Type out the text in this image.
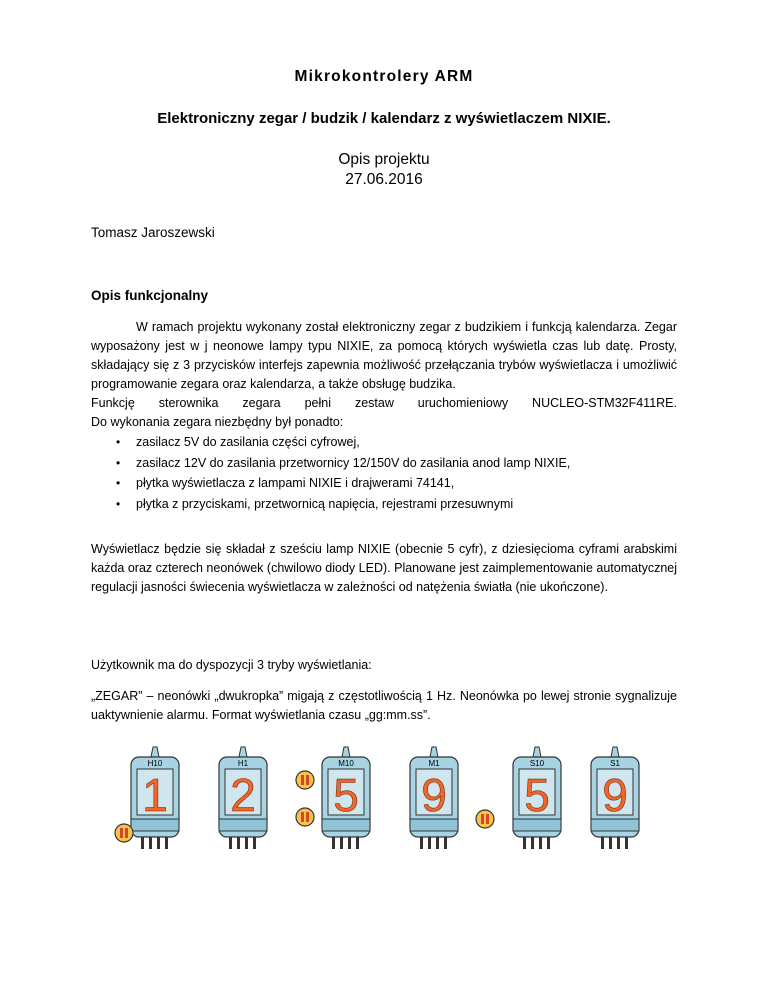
Mikrokontrolery ARM
Elektroniczny zegar / budzik / kalendarz z wyświetlaczem NIXIE.
Opis projektu
27.06.2016
Tomasz Jaroszewski
Opis funkcjonalny
W ramach projektu wykonany został elektroniczny zegar z budzikiem i funkcją kalendarza. Zegar wyposażony jest w j neonowe lampy typu NIXIE, za pomocą których wyświetla czas lub datę. Prosty, składający się z 3 przycisków interfejs zapewnia możliwość przełączania trybów wyświetlacza i umożliwić programowanie zegara oraz kalendarza, a także obsługę budzika.
Funkcję sterownika zegara pełni zestaw uruchomieniowy NUCLEO-STM32F411RE.
Do wykonania zegara niezbędny był ponadto:
• zasilacz 5V do zasilania części cyfrowej,
• zasilacz 12V do zasilania przetwornicy 12/150V do zasilania anod lamp NIXIE,
• płytka wyświetlacza z lampami NIXIE i drajwerami 74141,
• płytka z przyciskami, przetwornicą napięcia, rejestrami przesuwnymi
Wyświetlacz będzie się składał z sześciu lamp NIXIE (obecnie 5 cyfr), z dziesięcioma cyframi arabskimi każda oraz czterech neonówek (chwilowo diody LED). Planowane jest zaimplementowanie automatycznej regulacji jasności świecenia wyświetlacza w zależności od natężenia światła (nie ukończone).
Użytkownik ma do dyspozycji 3 tryby wyświetlania:
„ZEGAR” – neonówki „dwukropka” migają z częstotliwością 1 Hz. Neonówka po lewej stronie sygnalizuje uaktywnienie alarmu. Format wyświetlania czasu „gg:mm.ss”.
H10
1
H1
2
M10
5
M1
9
S10
5
S1
9
